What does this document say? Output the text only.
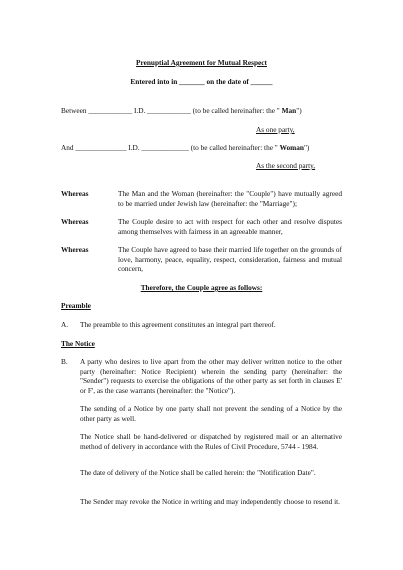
Prenuptial Agreement for Mutual Respect
Entered into in _______ on the date of ______
Between ____________ I.D. ____________ (to be called hereinafter: the " Man")
As one party,
And ______________ I.D. _____________ (to be called hereinafter: the " Woman")
As the second party,
Whereas	The Man and the Woman (hereinafter: the "Couple") have mutually agreed to be married under Jewish law (hereinafter: the "Marriage");
Whereas	The Couple desire to act with respect for each other and resolve disputes among themselves with fairness in an agreeable manner,
Whereas	The Couple have agreed to base their married life together on the grounds of love, harmony, peace, equality, respect, consideration, fairness and mutual concern,
Therefore, the Couple agree as follows:
Preamble
A. The preamble to this agreement constitutes an integral part thereof.
The Notice
B. A party who desires to live apart from the other may deliver written notice to the other party (hereinafter: Notice Recipient) wherein the sending party (hereinafter: the "Sender") requests to exercise the obligations of the other party as set forth in clauses E' or F', as the case warrants (hereinafter: the "Notice").
The sending of a Notice by one party shall not prevent the sending of a Notice by the other party as well.
The Notice shall be hand-delivered or dispatched by registered mail or an alternative method of delivery in accordance with the Rules of Civil Procedure, 5744 - 1984.
The date of delivery of the Notice shall be called herein: the "Notification Date".
The Sender may revoke the Notice in writing and may independently choose to resend it.
